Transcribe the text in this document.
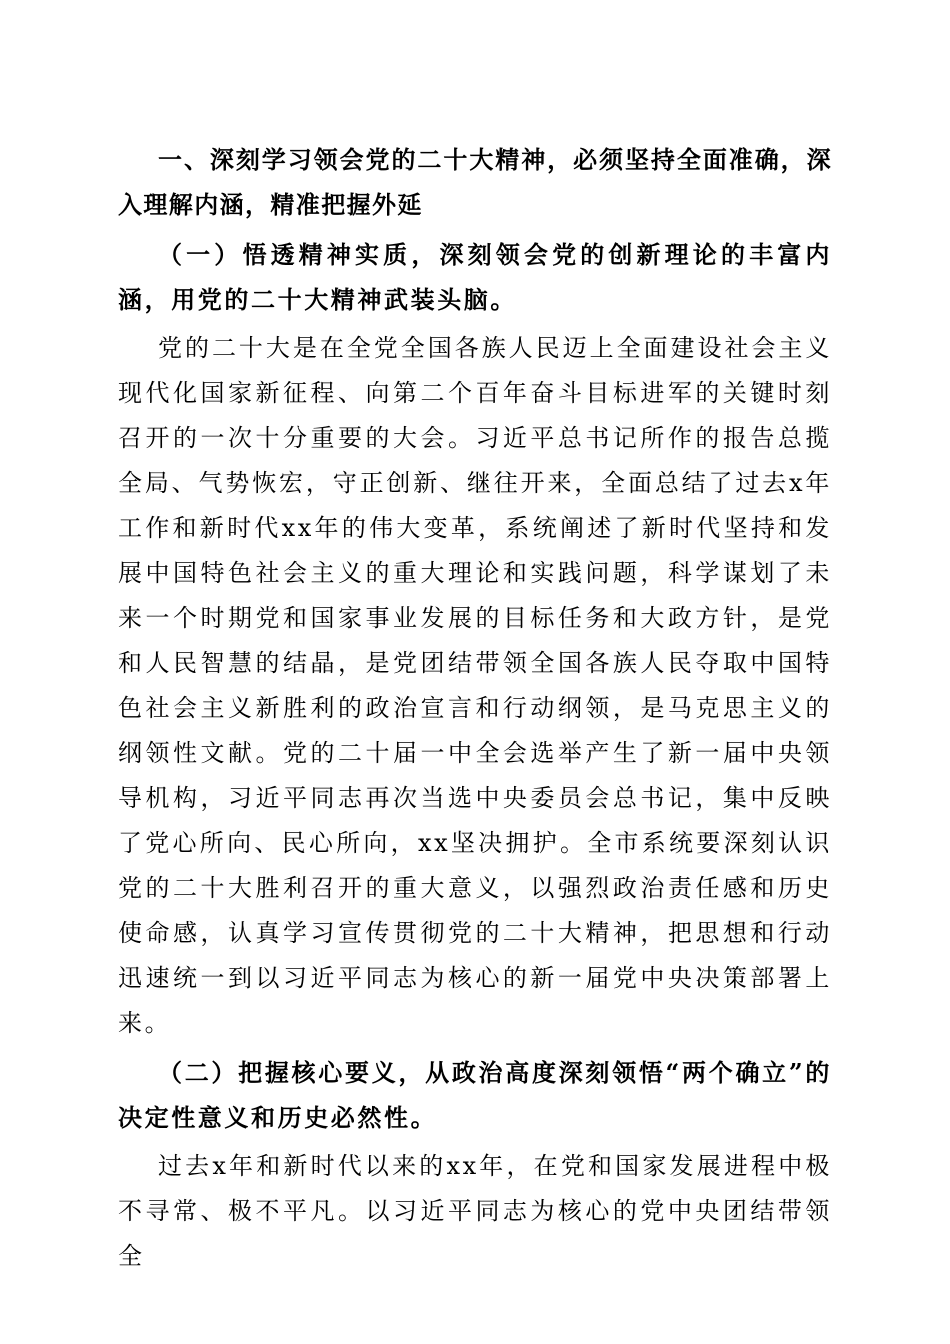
一、深刻学习领会党的二十大精神，必须坚持全面准确，深入理解内涵，精准把握外延

（一）悟透精神实质，深刻领会党的创新理论的丰富内涵，用党的二十大精神武装头脑。

党的二十大是在全党全国各族人民迈上全面建设社会主义现代化国家新征程、向第二个百年奋斗目标进军的关键时刻召开的一次十分重要的大会。习近平总书记所作的报告总揽全局、气势恢宏，守正创新、继往开来，全面总结了过去x年工作和新时代xx年的伟大变革，系统阐述了新时代坚持和发展中国特色社会主义的重大理论和实践问题，科学谋划了未来一个时期党和国家事业发展的目标任务和大政方针，是党和人民智慧的结晶，是党团结带领全国各族人民夺取中国特色社会主义新胜利的政治宣言和行动纲领，是马克思主义的纲领性文献。党的二十届一中全会选举产生了新一届中央领导机构，习近平同志再次当选中央委员会总书记，集中反映了党心所向、民心所向，xx坚决拥护。全市系统要深刻认识党的二十大胜利召开的重大意义，以强烈政治责任感和历史使命感，认真学习宣传贯彻党的二十大精神，把思想和行动迅速统一到以习近平同志为核心的新一届党中央决策部署上来。

（二）把握核心要义，从政治高度深刻领悟“两个确立”的决定性意义和历史必然性。

过去x年和新时代以来的xx年，在党和国家发展进程中极不寻常、极不平凡。以习近平同志为核心的党中央团结带领全
